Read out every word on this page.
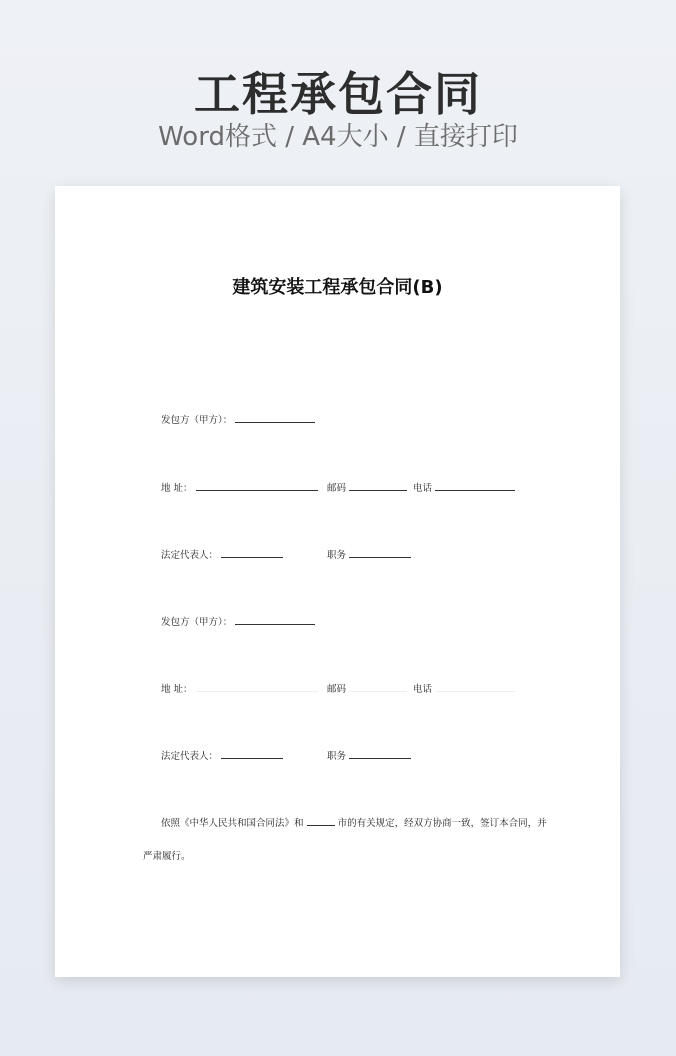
工程承包合同
Word格式 / A4大小 / 直接打印
建筑安装工程承包合同(B)
发包方（甲方）：
地 址：	邮码	电话
法定代表人：	职务
发包方（甲方）：
地 址：	邮码	电话
法定代表人：	职务
依照《中华人民共和国合同法》和	市的有关规定，经双方协商一致，签订本合同，并
严肃履行。
